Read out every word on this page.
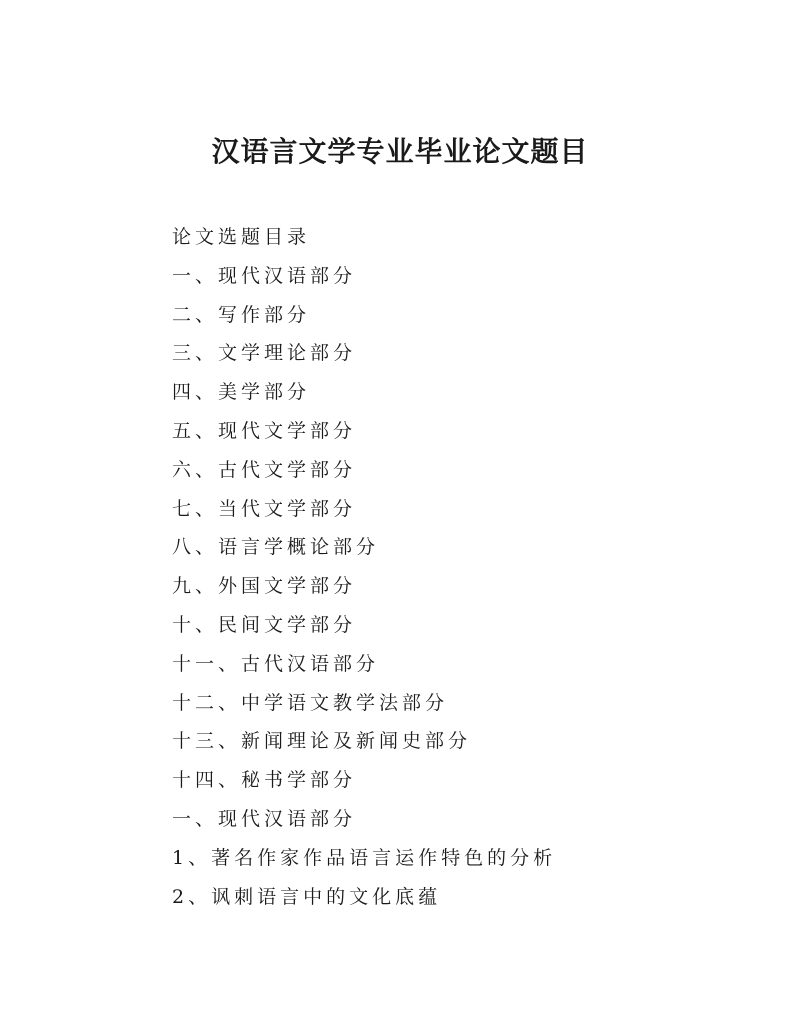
汉语言文学专业毕业论文题目
论文选题目录
一、现代汉语部分
二、写作部分
三、文学理论部分
四、美学部分
五、现代文学部分
六、古代文学部分
七、当代文学部分
八、语言学概论部分
九、外国文学部分
十、民间文学部分
十一、古代汉语部分
十二、中学语文教学法部分
十三、新闻理论及新闻史部分
十四、秘书学部分
一、现代汉语部分
1、著名作家作品语言运作特色的分析
2、讽刺语言中的文化底蕴
